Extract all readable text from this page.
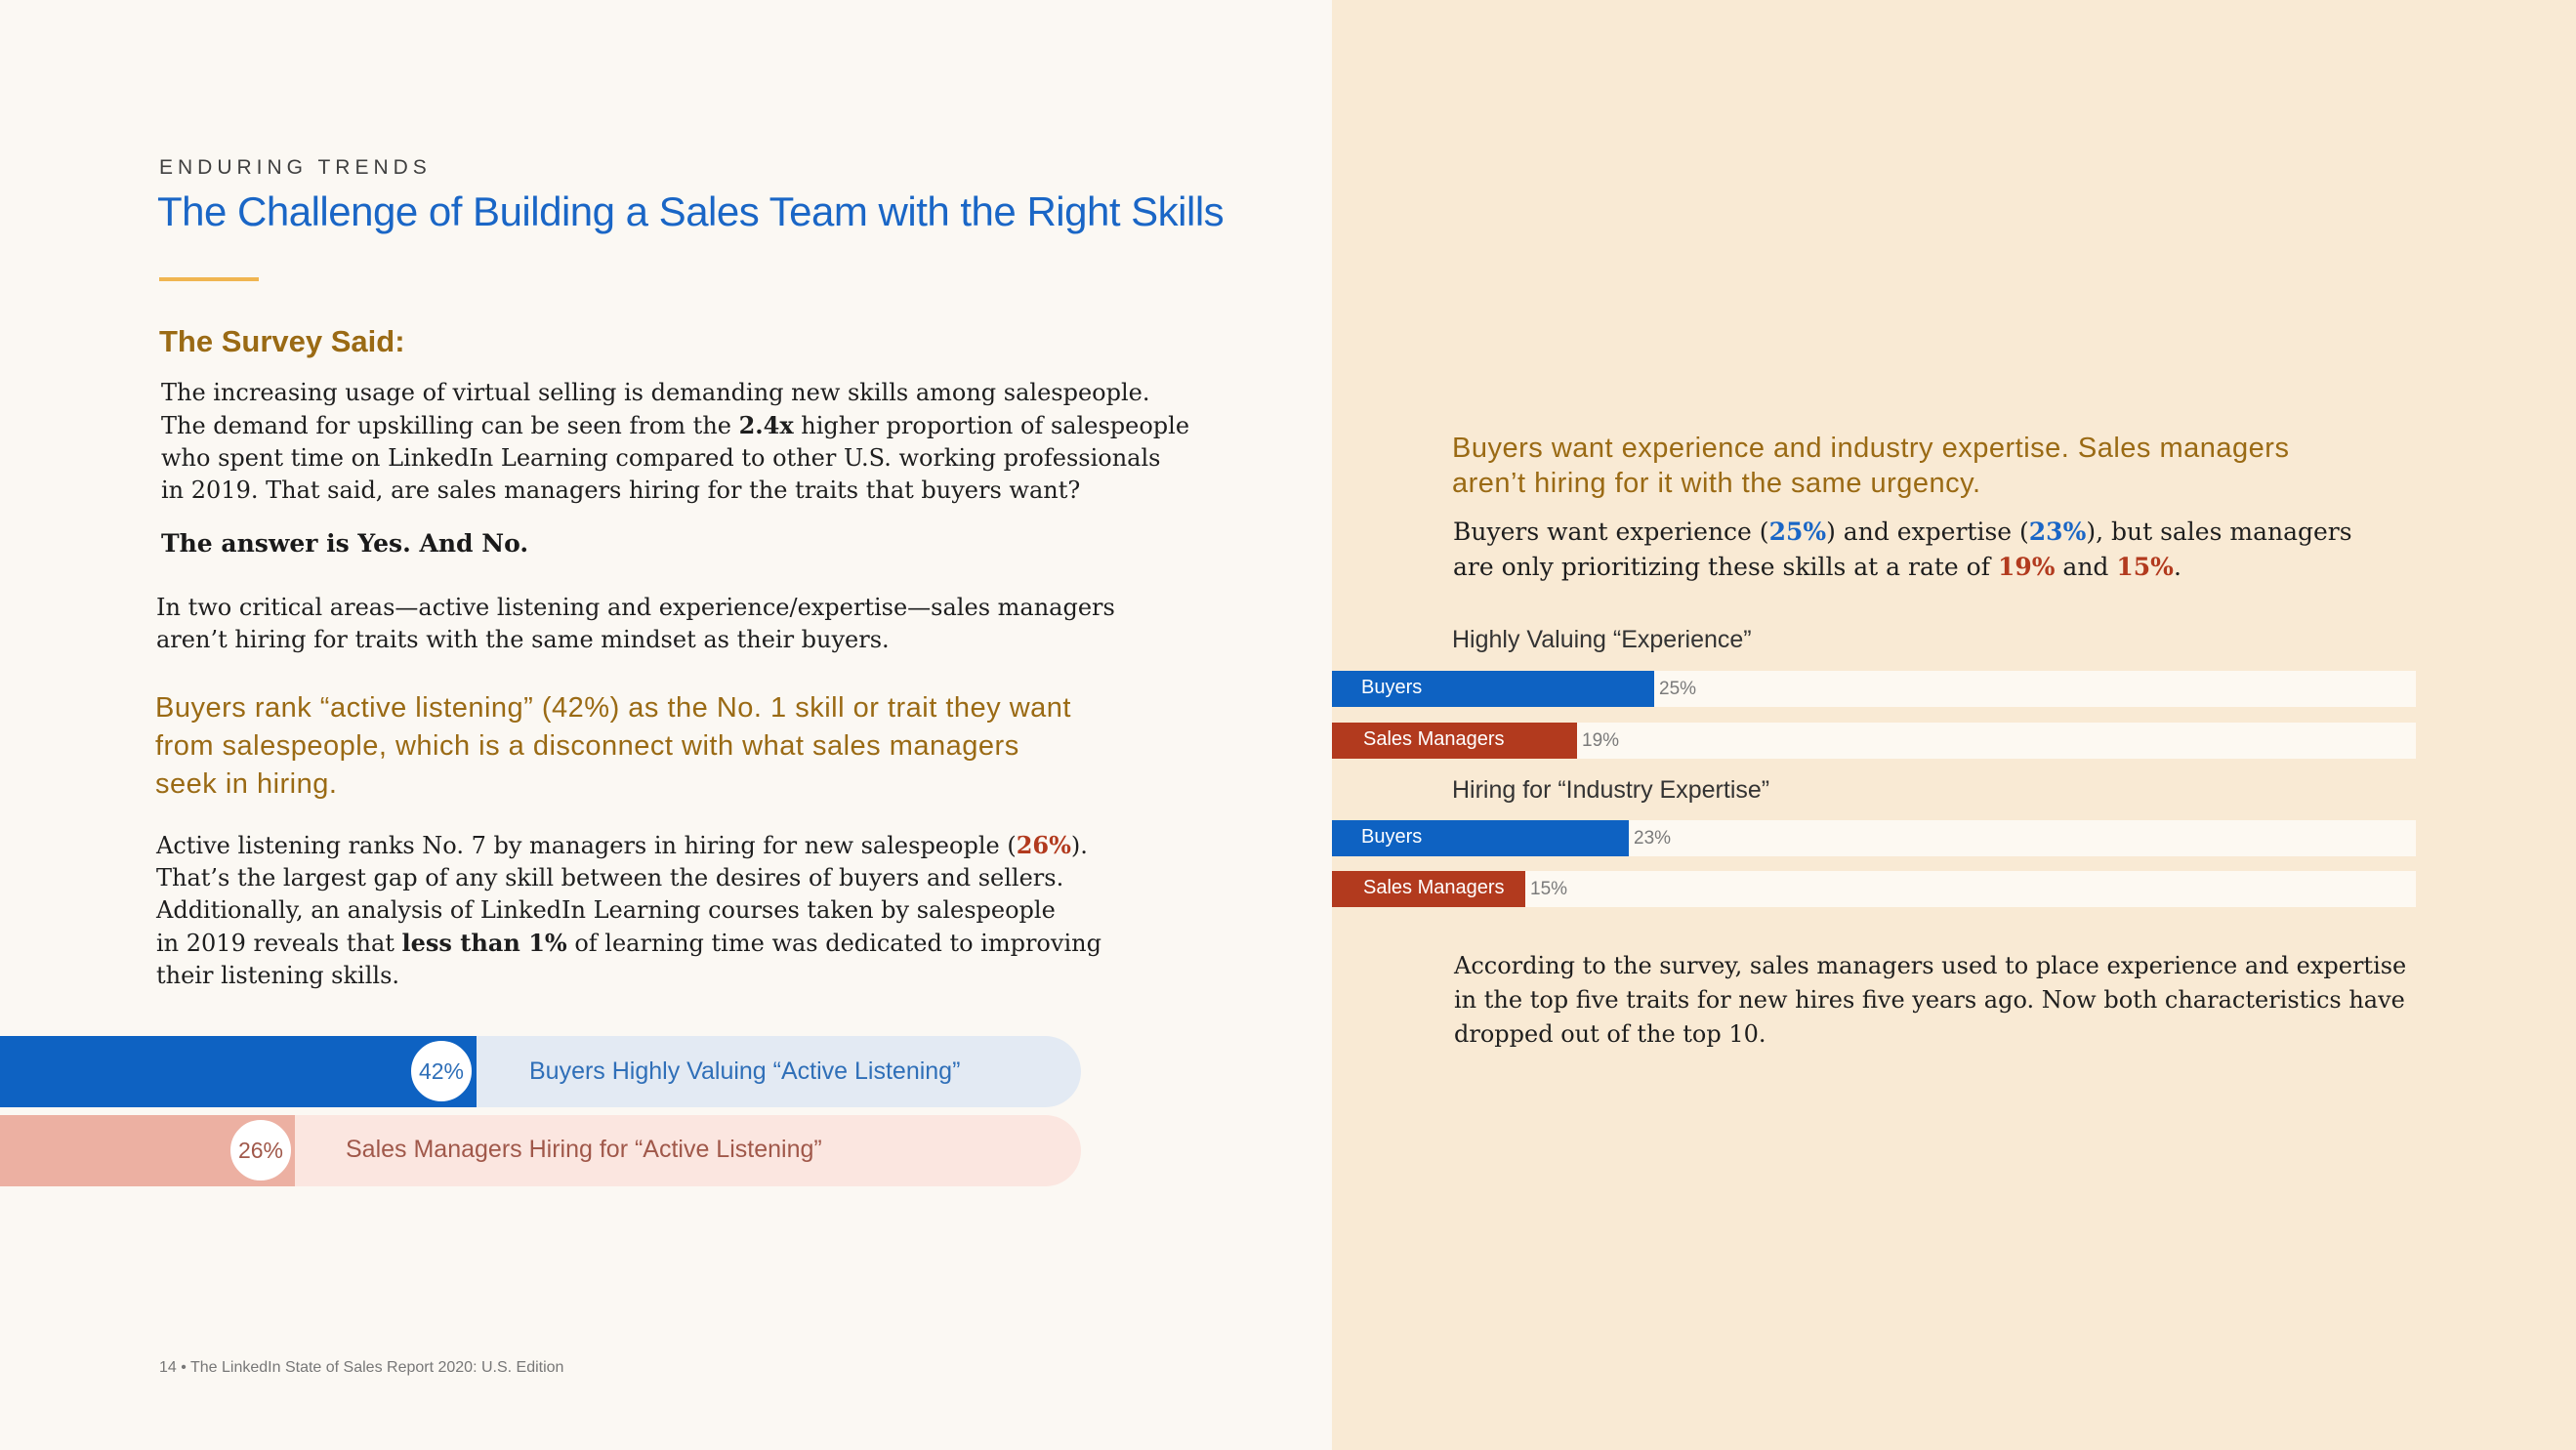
ENDURING TRENDS
The Challenge of Building a Sales Team with the Right Skills
The Survey Said:
The increasing usage of virtual selling is demanding new skills among salespeople.
The demand for upskilling can be seen from the 2.4x higher proportion of salespeople
who spent time on LinkedIn Learning compared to other U.S. working professionals
in 2019. That said, are sales managers hiring for the traits that buyers want?
The answer is Yes. And No.
In two critical areas—active listening and experience/expertise—sales managers
aren’t hiring for traits with the same mindset as their buyers.
Buyers rank “active listening” (42%) as the No. 1 skill or trait they want
from salespeople, which is a disconnect with what sales managers
seek in hiring.
Active listening ranks No. 7 by managers in hiring for new salespeople (26%).
That’s the largest gap of any skill between the desires of buyers and sellers.
Additionally, an analysis of LinkedIn Learning courses taken by salespeople
in 2019 reveals that less than 1% of learning time was dedicated to improving
their listening skills.
42%	Buyers Highly Valuing “Active Listening”
26%	Sales Managers Hiring for “Active Listening”
14 • The LinkedIn State of Sales Report 2020: U.S. Edition
Buyers want experience and industry expertise. Sales managers
aren’t hiring for it with the same urgency.
Buyers want experience (25%) and expertise (23%), but sales managers
are only prioritizing these skills at a rate of 19% and 15%.
Highly Valuing “Experience”
Hiring for “Industry Expertise”
Buyers	25%
Sales Managers	19%
Buyers	23%
Sales Managers 15%
According to the survey, sales managers used to place experience and expertise
in the top five traits for new hires five years ago. Now both characteristics have
dropped out of the top 10.
